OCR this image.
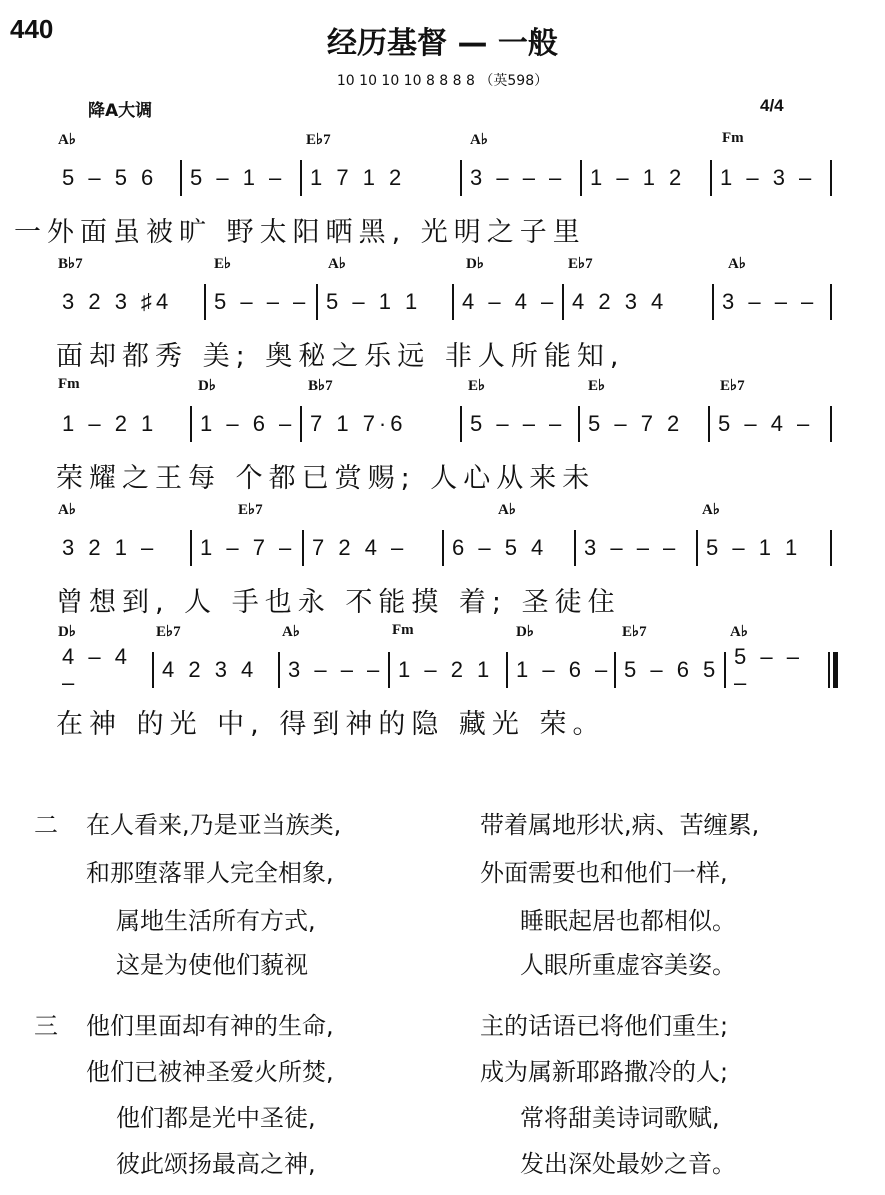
440	经历基督 — 一般
10 10 10 10 8 8 8 8 （英598）
降A大调	4/4
A♭	E♭7	A♭	Fm
5 – 5 6	5 – 1 –	1 7 1 2	3 – – –	1 – 1 2	1 – 3 –
一外面虽被旷 野太阳晒黑, 光明之子里
B♭7	E♭	A♭	D♭	E♭7	A♭
3 2 3 ♯4	5 – – – 5 – 1 1	4 – 4 – 4 2 3 4	3 – – –
面却都秀 美; 奥秘之乐远 非人所能知,
Fm	D♭	B♭7	E♭	E♭	E♭7
1 – 2 1	1 – 6 – 7 1 7·6	5 – – –	5 – 7 2	5 – 4 –
荣耀之王每 个都已赏赐; 人心从来未
A♭	E♭7	A♭	A♭
3 2 1 –	1 – 7 – 7 2 4 –	6 – 5 4	3 – – –	5 – 1 1
曾想到, 人 手也永 不能摸 着; 圣徒住
D♭	E♭7	A♭	Fm	D♭	E♭7	A♭
4 – 4 –
4 2 3 4	3 – – – 1 – 2 1	1 – 6 – 5 – 6 5
5 – – –
在神 的光 中, 得到神的隐 藏光 荣。
二 在人看来,乃是亚当族类,	带着属地形状,病、苦缠累,
和那堕落罪人完全相象,	外面需要也和他们一样,
属地生活所有方式,	睡眠起居也都相似。
这是为使他们藐视	人眼所重虚容美姿。
三 他们里面却有神的生命,	主的话语已将他们重生;
他们已被神圣爱火所焚,	成为属新耶路撒冷的人;
他们都是光中圣徒,	常将甜美诗词歌赋,
彼此颂扬最高之神,	发出深处最妙之音。
